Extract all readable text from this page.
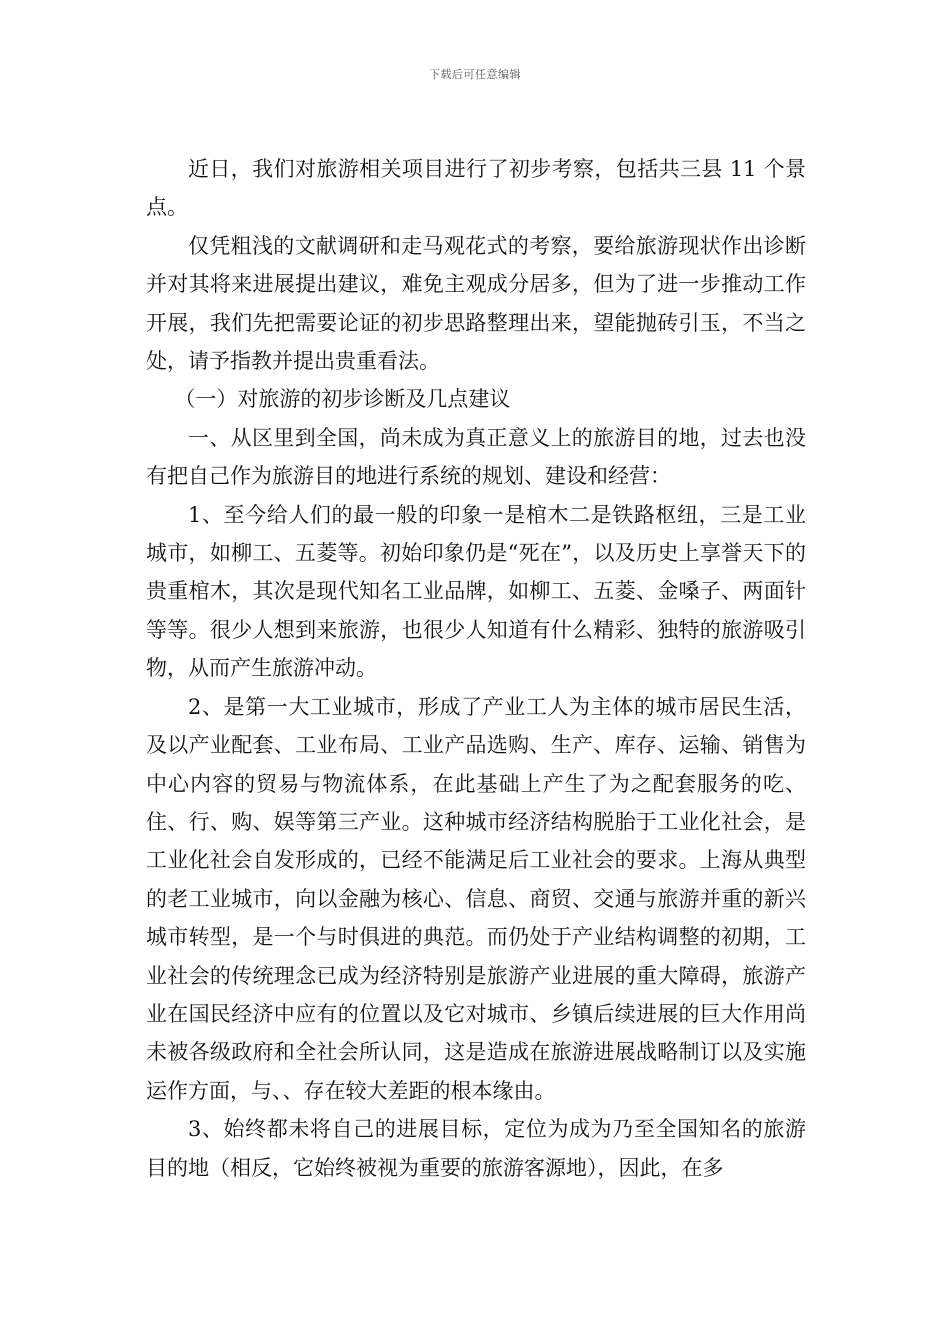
下载后可任意编辑

近日，我们对旅游相关项目进行了初步考察，包括共三县 11 个景点。

仅凭粗浅的文献调研和走马观花式的考察，要给旅游现状作出诊断并对其将来进展提出建议，难免主观成分居多，但为了进一步推动工作开展，我们先把需要论证的初步思路整理出来，望能抛砖引玉，不当之处，请予指教并提出贵重看法。

（一）对旅游的初步诊断及几点建议

一、从区里到全国，尚未成为真正意义上的旅游目的地，过去也没有把自己作为旅游目的地进行系统的规划、建设和经营：

1、至今给人们的最一般的印象一是棺木二是铁路枢纽，三是工业城市，如柳工、五菱等。初始印象仍是“死在”，以及历史上享誉天下的贵重棺木，其次是现代知名工业品牌，如柳工、五菱、金嗓子、两面针等等。很少人想到来旅游，也很少人知道有什么精彩、独特的旅游吸引物，从而产生旅游冲动。

2、是第一大工业城市，形成了产业工人为主体的城市居民生活，及以产业配套、工业布局、工业产品选购、生产、库存、运输、销售为中心内容的贸易与物流体系，在此基础上产生了为之配套服务的吃、住、行、购、娱等第三产业。这种城市经济结构脱胎于工业化社会，是工业化社会自发形成的，已经不能满足后工业社会的要求。上海从典型的老工业城市，向以金融为核心、信息、商贸、交通与旅游并重的新兴城市转型，是一个与时俱进的典范。而仍处于产业结构调整的初期，工业社会的传统理念已成为经济特别是旅游产业进展的重大障碍，旅游产业在国民经济中应有的位置以及它对城市、乡镇后续进展的巨大作用尚未被各级政府和全社会所认同，这是造成在旅游进展战略制订以及实施运作方面，与、、存在较大差距的根本缘由。

3、始终都未将自己的进展目标，定位为成为乃至全国知名的旅游目的地（相反，它始终被视为重要的旅游客源地），因此，在多
